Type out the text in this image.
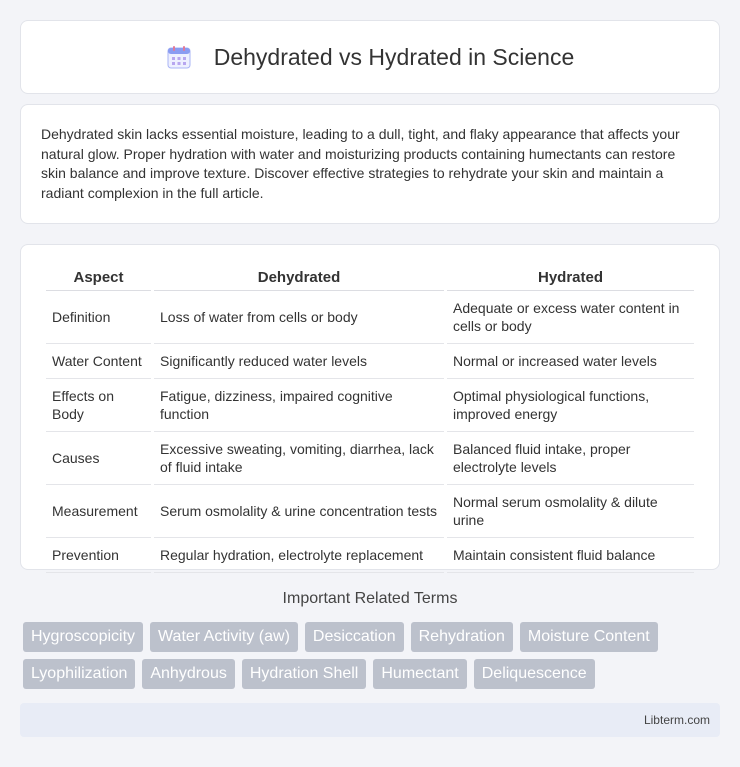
Dehydrated vs Hydrated in Science

Dehydrated skin lacks essential moisture, leading to a dull, tight, and flaky appearance that affects your natural glow. Proper hydration with water and moisturizing products containing humectants can restore skin balance and improve texture. Discover effective strategies to rehydrate your skin and maintain a radiant complexion in the full article.

Aspect	Dehydrated	Hydrated
Definition	Loss of water from cells or body	Adequate or excess water content in cells or body
Water Content	Significantly reduced water levels	Normal or increased water levels
Effects on Body	Fatigue, dizziness, impaired cognitive function	Optimal physiological functions, improved energy
Causes	Excessive sweating, vomiting, diarrhea, lack of fluid intake	Balanced fluid intake, proper electrolyte levels
Measurement	Serum osmolality & urine concentration tests	Normal serum osmolality & dilute urine
Prevention	Regular hydration, electrolyte replacement	Maintain consistent fluid balance
Important Related Terms
Hygroscopicity	Water Activity (aw)	Desiccation	Rehydration	Moisture Content
Lyophilization	Anhydrous	Hydration Shell	Humectant	Deliquescence
Libterm.com
